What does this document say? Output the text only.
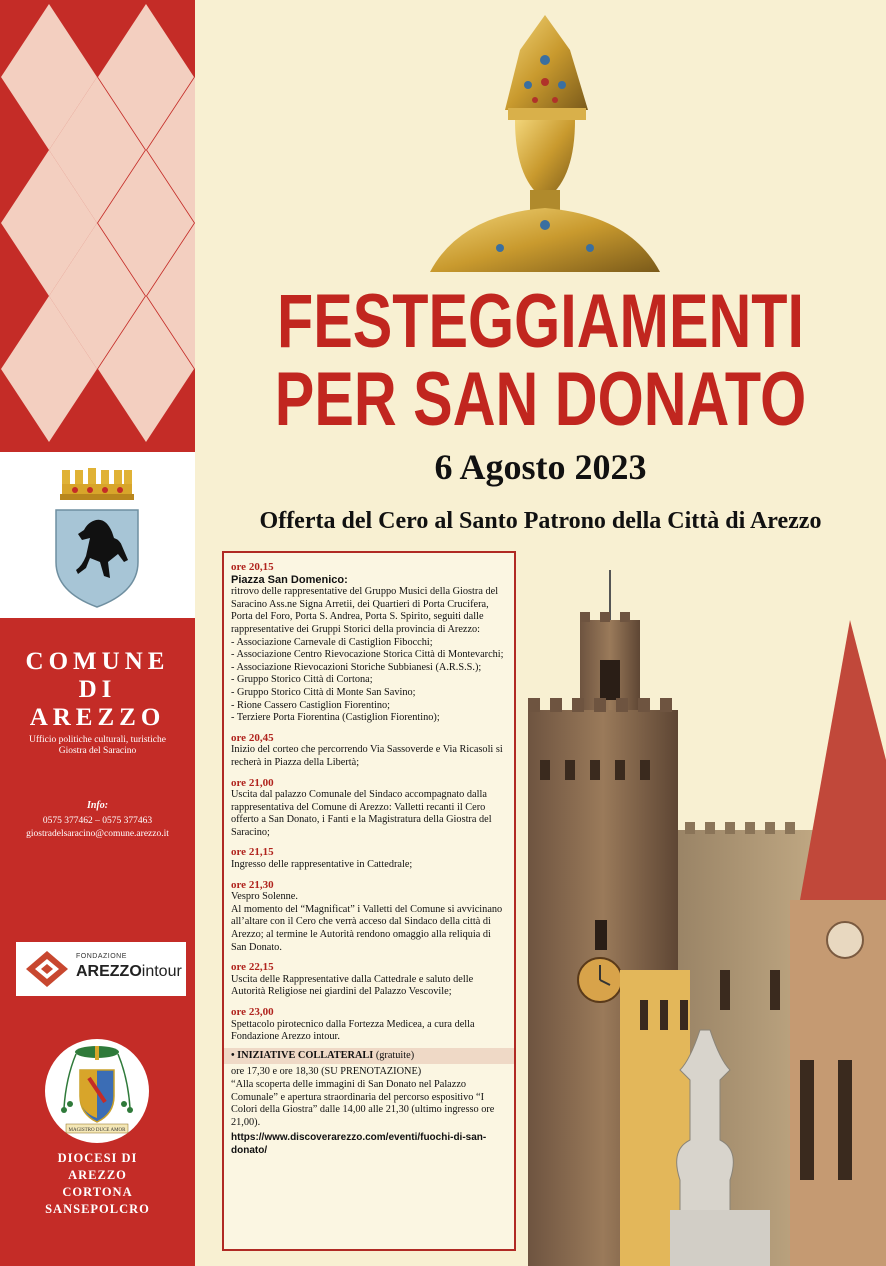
COMUNE
DI
AREZZO
Ufficio politiche culturali, turistiche
Giostra del Saracino
Info:
0575 377462 – 0575 377463
giostradelsaracino@comune.arezzo.it
FONDAZIONE
AREZZOintour
MAGISTRO DUCE AMOR
DIOCESI DI
AREZZO
CORTONA
SANSEPOLCRO
FESTEGGIAMENTI
PER SAN DONATO
6 Agosto 2023
Offerta del Cero al Santo Patrono della Città di Arezzo
ore 20,15
Piazza San Domenico:

ritrovo delle rappresentative del Gruppo Musici della Giostra del Saracino Ass.ne Signa Arretii, dei Quartieri di Porta Crucifera, Porta del Foro, Porta S. Andrea, Porta S. Spirito, seguiti dalle rappresentative dei Gruppi Storici della provincia di Arezzo:

- Associazione Carnevale di Castiglion Fibocchi;
- Associazione Centro Rievocazione Storica Città di Montevarchi;
- Associazione Rievocazioni Storiche Subbianesi (A.R.S.S.);
- Gruppo Storico Città di Cortona;
- Gruppo Storico Città di Monte San Savino;
- Rione Cassero Castiglion Fiorentino;
- Terziere Porta Fiorentina (Castiglion Fiorentino);
ore 20,45

Inizio del corteo che percorrendo Via Sassoverde e Via Ricasoli si recherà in Piazza della Libertà;

ore 21,00

Uscita dal palazzo Comunale del Sindaco accompagnato dalla rappresentativa del Comune di Arezzo: Valletti recanti il Cero offerto a San Donato, i Fanti e la Magistratura della Giostra del Saracino;

ore 21,15

Ingresso delle rappresentative in Cattedrale;

ore 21,30

Vespro Solenne.

Al momento del “Magnificat” i Valletti del Comune si avvicinano all’altare con il Cero che verrà acceso dal Sindaco della città di Arezzo; al termine le Autorità rendono omaggio alla reliquia di San Donato.

ore 22,15

Uscita delle Rappresentative dalla Cattedrale e saluto delle Autorità Religiose nei giardini del Palazzo Vescovile;

ore 23,00

Spettacolo pirotecnico dalla Fortezza Medicea, a cura della Fondazione Arezzo intour.

• INIZIATIVE COLLATERALI (gratuite)

ore 17,30 e ore 18,30 (SU PRENOTAZIONE)

“Alla scoperta delle immagini di San Donato nel Palazzo Comunale” e apertura straordinaria del percorso espositivo “I Colori della Giostra” dalle 14,00 alle 21,30 (ultimo ingresso ore 21,00).

https://www.discoverarezzo.com/eventi/fuochi-di-san-donato/
